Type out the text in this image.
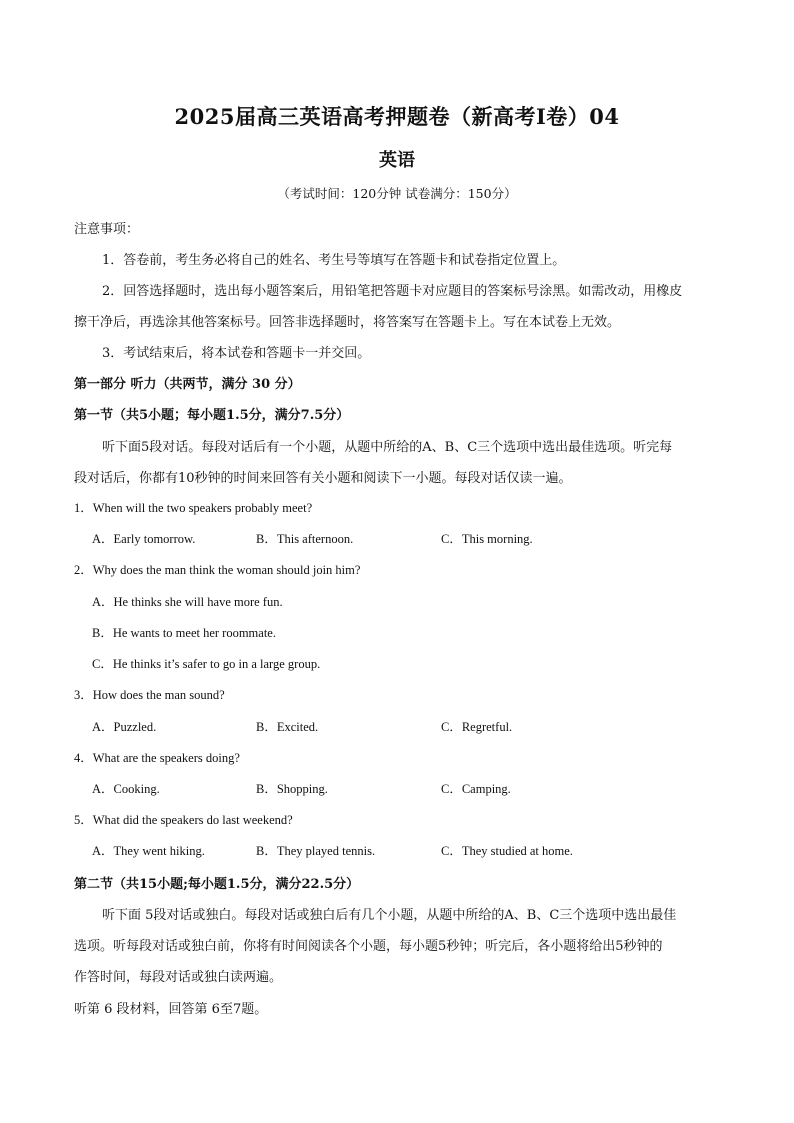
2025届高三英语高考押题卷（新高考I卷）04
英语
（考试时间：120分钟 试卷满分：150分）
注意事项：
1．答卷前，考生务必将自己的姓名、考生号等填写在答题卡和试卷指定位置上。
2．回答选择题时，选出每小题答案后，用铅笔把答题卡对应题目的答案标号涂黑。如需改动，用橡皮
擦干净后，再选涂其他答案标号。回答非选择题时，将答案写在答题卡上。写在本试卷上无效。
3．考试结束后，将本试卷和答题卡一并交回。
第一部分 听力（共两节，满分 30 分）
第一节（共5小题；每小题1.5分，满分7.5分）
听下面5段对话。每段对话后有一个小题，从题中所给的A、B、C三个选项中选出最佳选项。听完每
段对话后，你都有10秒钟的时间来回答有关小题和阅读下一小题。每段对话仅读一遍。
1．When will the two speakers probably meet?
A．Early tomorrow.	B．This afternoon.	C．This morning.
2．Why does the man think the woman should join him?
A．He thinks she will have more fun.
B．He wants to meet her roommate.
C．He thinks it’s safer to go in a large group.
3．How does the man sound?
A．Puzzled.	B．Excited.	C．Regretful.
4．What are the speakers doing?
A．Cooking.	B．Shopping.	C．Camping.
5．What did the speakers do last weekend?
A．They went hiking.	B．They played tennis.	C．They studied at home.
第二节（共15小题;每小题1.5分，满分22.5分）
听下面 5段对话或独白。每段对话或独白后有几个小题，从题中所给的A、B、C三个选项中选出最佳
选项。听每段对话或独白前，你将有时间阅读各个小题，每小题5秒钟；听完后，各小题将给出5秒钟的
作答时间，每段对话或独白读两遍。
听第 6 段材料，回答第 6至7题。
